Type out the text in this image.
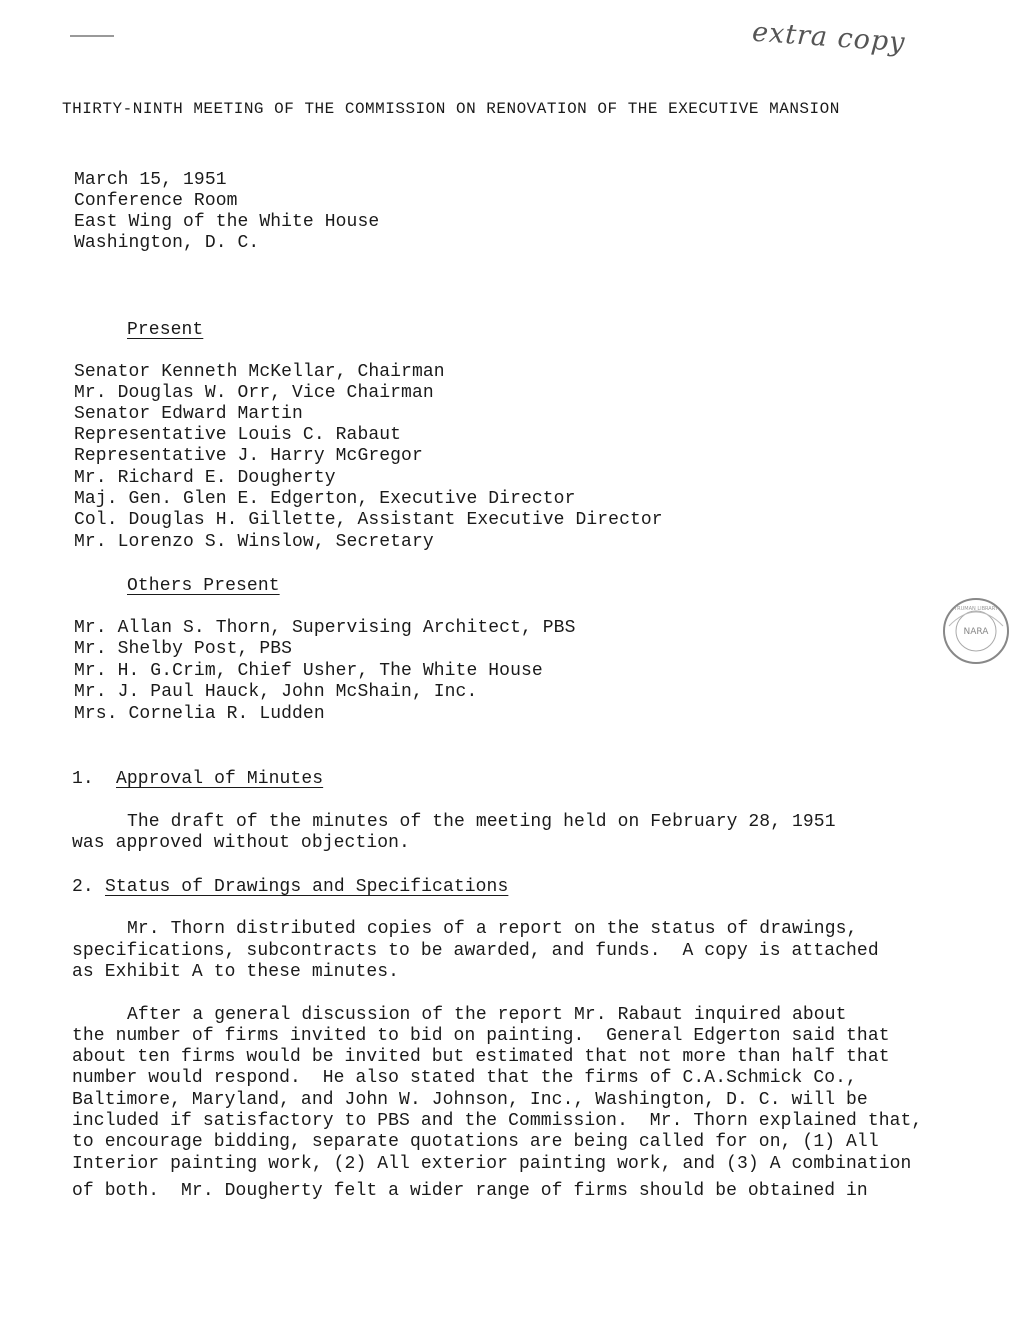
extra copy
THIRTY-NINTH MEETING OF THE COMMISSION ON RENOVATION OF THE EXECUTIVE MANSION
March 15, 1951
Conference Room
East Wing of the White House
Washington, D. C.
Present
Senator Kenneth McKellar, Chairman
Mr. Douglas W. Orr, Vice Chairman
Senator Edward Martin
Representative Louis C. Rabaut
Representative J. Harry McGregor
Mr. Richard E. Dougherty
Maj. Gen. Glen E. Edgerton, Executive Director
Col. Douglas H. Gillette, Assistant Executive Director
Mr. Lorenzo S. Winslow, Secretary
Others Present
Mr. Allan S. Thorn, Supervising Architect, PBS
Mr. Shelby Post, PBS
Mr. H. G.Crim, Chief Usher, The White House
Mr. J. Paul Hauck, John McShain, Inc.
Mrs. Cornelia R. Ludden
1. Approval of Minutes
The draft of the minutes of the meeting held on February 28, 1951
was approved without objection.
2. Status of Drawings and Specifications
Mr. Thorn distributed copies of a report on the status of drawings,
specifications, subcontracts to be awarded, and funds.  A copy is attached
as Exhibit A to these minutes.
After a general discussion of the report Mr. Rabaut inquired about
the number of firms invited to bid on painting.  General Edgerton said that
about ten firms would be invited but estimated that not more than half that
number would respond.  He also stated that the firms of C.A.Schmick Co.,
Baltimore, Maryland, and John W. Johnson, Inc., Washington, D. C. will be
included if satisfactory to PBS and the Commission.  Mr. Thorn explained that,
to encourage bidding, separate quotations are being called for on, (1) All
Interior painting work, (2) All exterior painting work, and (3) A combination
of both.  Mr. Dougherty felt a wider range of firms should be obtained in
NARA
TRUMAN LIBRARY
